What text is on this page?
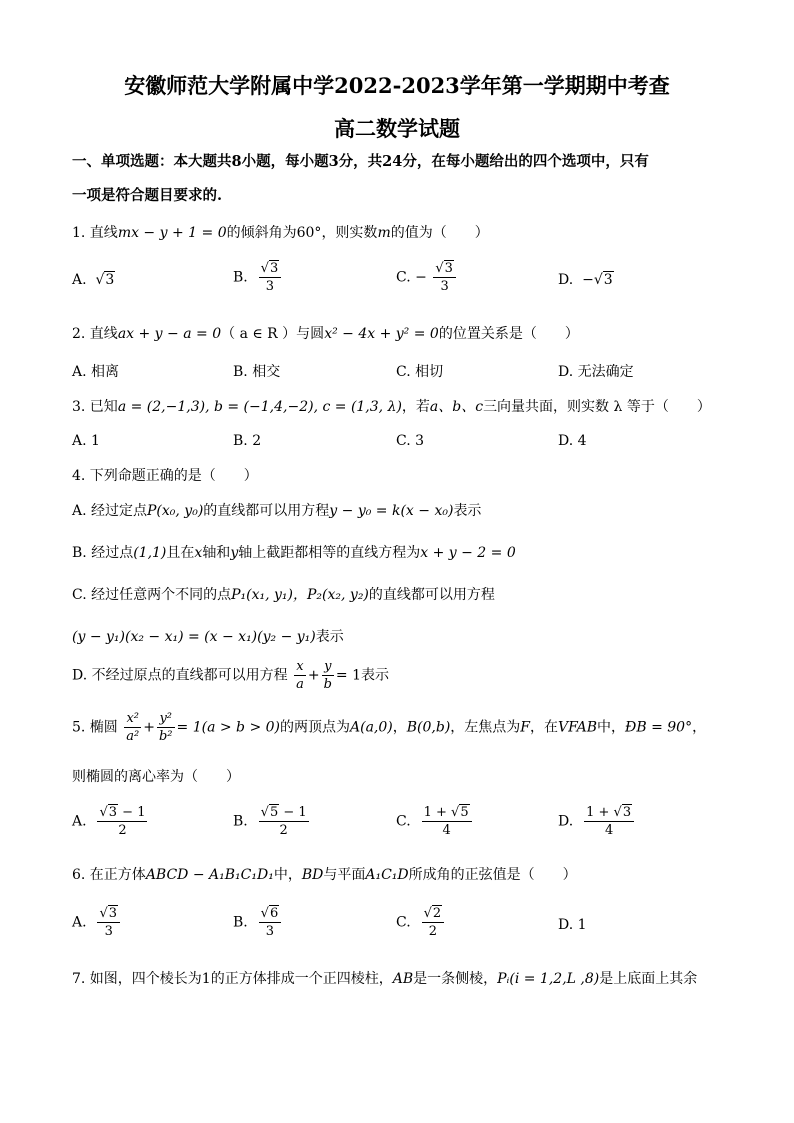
安徽师范大学附属中学2022-2023学年第一学期期中考查
高二数学试题
一、单项选题：本大题共8小题，每小题3分，共24分，在每小题给出的四个选项中，只有
一项是符合题目要求的.
1. 直线mx − y + 1 = 0的倾斜角为60°，则实数m的值为（　　）
A. √3	B. $\frac{√3}{3}$	C. − $\frac{√3}{3}$	D. −√3
2. 直线ax + y − a = 0（ a ∈ R ）与圆x² − 4x + y² = 0的位置关系是（　　）
A. 相离	B. 相交	C. 相切	D. 无法确定
3. 已知a = (2,−1,3), b = (−1,4,−2), c = (1,3, λ)，若a、b、c三向量共面，则实数 λ 等于（　　）
A. 1	B. 2	C. 3	D. 4
4. 下列命题正确的是（　　）
A. 经过定点P(x₀, y₀)的直线都可以用方程y − y₀ = k(x − x₀)表示
B. 经过点(1,1)且在x轴和y轴上截距都相等的直线方程为x + y − 2 = 0
C. 经过任意两个不同的点P₁(x₁, y₁)，P₂(x₂, y₂)的直线都可以用方程
(y − y₁)(x₂ − x₁) = (x − x₁)(y₂ − y₁)表示
D. 不经过原点的直线都可以用方程 $\frac{x}{a} + \frac{y}{b} = 1$表示
5. 椭圆 $\frac{\text{x²}}{\text{a²}} + \frac{\text{y²}}{\text{b²}} = 1(a > b > 0)$的两顶点为A(a,0)，B(0,b)，左焦点为F，在VFAB中，ÐB = 90°，
则椭圆的离心率为（　　）
A. $\frac{√3 - 1}{2}$	B. $\frac{√5 - 1}{2}$	C. $\frac{1 + √5}{4}$	D. $\frac{1 + √3}{4}$
6. 在正方体ABCD − A₁B₁C₁D₁中，BD与平面A₁C₁D所成角的正弦值是（　　）
A. $\frac{√3}{3}$	B. $\frac{√6}{3}$	C. $\frac{√2}{2}$	D. 1
7. 如图，四个棱长为1的正方体排成一个正四棱柱，AB是一条侧棱，Pᵢ(i = 1,2,L ,8)是上底面上其余
